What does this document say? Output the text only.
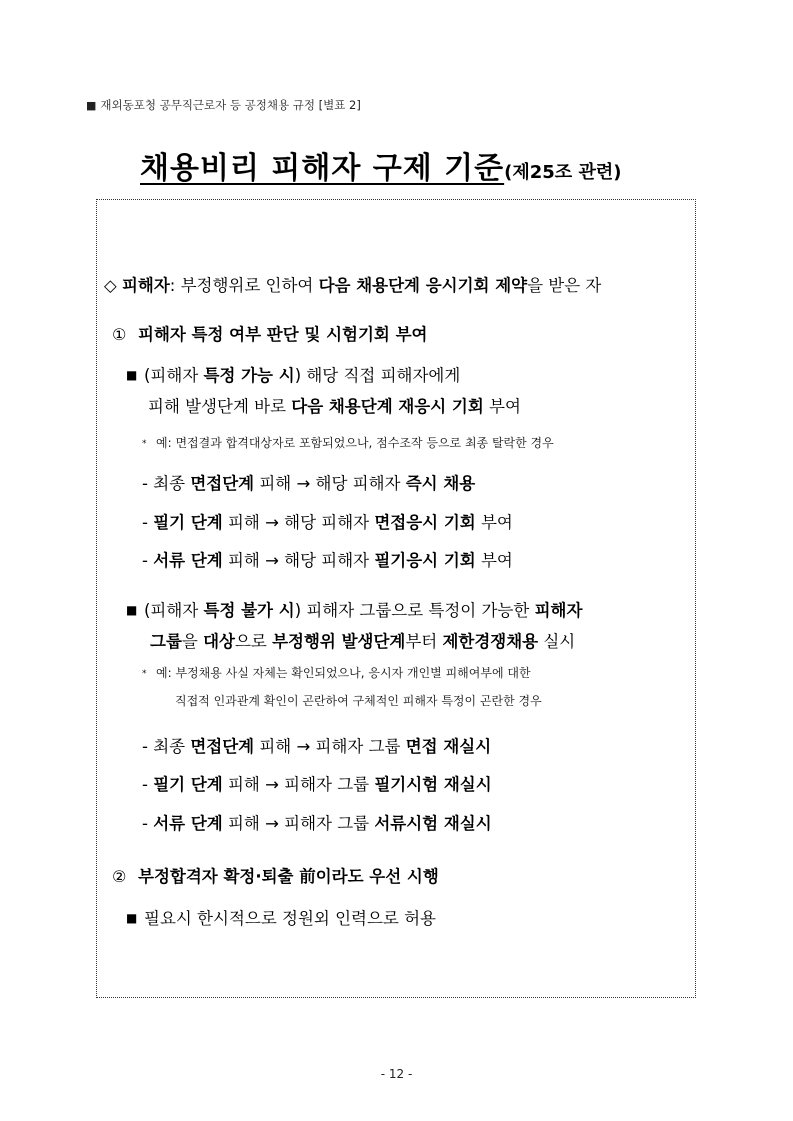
■ 재외동포청 공무직근로자 등 공정채용 규정 [별표 2]
채용비리 피해자 구제 기준(제25조 관련)
◇ 피해자: 부정행위로 인하여 다음 채용단계 응시기회 제약을 받은 자
① 피해자 특정 여부 판단 및 시험기회 부여
■ (피해자 특정 가능 시) 해당 직접 피해자에게
피해 발생단계 바로 다음 채용단계 재응시 기회 부여
* 예: 면접결과 합격대상자로 포함되었으나, 점수조작 등으로 최종 탈락한 경우
- 최종 면접단계 피해 → 해당 피해자 즉시 채용
- 필기 단계 피해 → 해당 피해자 면접응시 기회 부여
- 서류 단계 피해 → 해당 피해자 필기응시 기회 부여
■ (피해자 특정 불가 시) 피해자 그룹으로 특정이 가능한 피해자
그룹을 대상으로 부정행위 발생단계부터 제한경쟁채용 실시
* 예: 부정채용 사실 자체는 확인되었으나, 응시자 개인별 피해여부에 대한
직접적 인과관계 확인이 곤란하여 구체적인 피해자 특정이 곤란한 경우
- 최종 면접단계 피해 → 피해자 그룹 면접 재실시
- 필기 단계 피해 → 피해자 그룹 필기시험 재실시
- 서류 단계 피해 → 피해자 그룹 서류시험 재실시
② 부정합격자 확정·퇴출 前이라도 우선 시행
■ 필요시 한시적으로 정원외 인력으로 허용
- 12 -
